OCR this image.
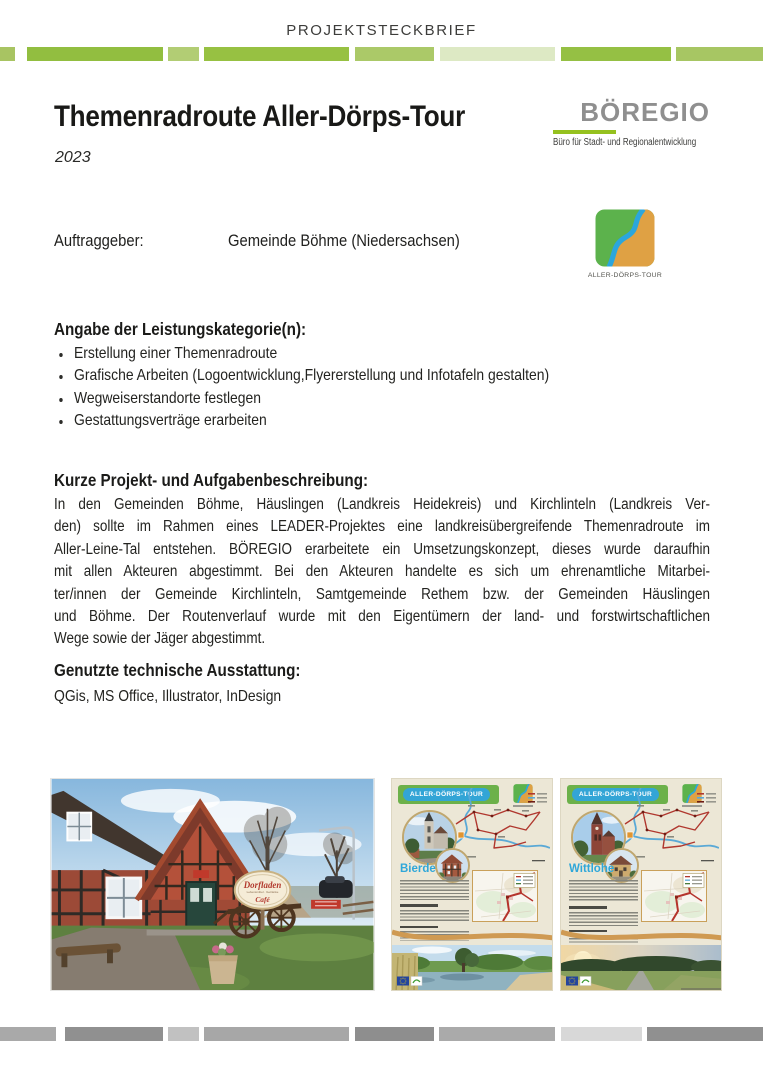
PROJEKTSTECKBRIEF
Themenradroute Aller-Dörps-Tour
2023
BÖREGIO
Büro für Stadt- und Regionalentwicklung
Auftraggeber:	Gemeinde Böhme (Niedersachsen)
ALLER-DÖRPS-TOUR
Angabe der Leistungskategorie(n):
Erstellung einer Themenradroute
Grafische Arbeiten (Logoentwicklung,Flyererstellung und Infotafeln gestalten)
Wegweiserstandorte festlegen
Gestattungsverträge erarbeiten
Kurze Projekt- und Aufgabenbeschreibung:
In den Gemeinden Böhme, Häuslingen (Landkreis Heidekreis) und Kirchlinteln (Landkreis Ver-
den) sollte im Rahmen eines LEADER-Projektes eine landkreisübergreifende Themenradroute im
Aller-Leine-Tal entstehen. BÖREGIO erarbeitete ein Umsetzungskonzept, dieses wurde daraufhin
mit allen Akteuren abgestimmt. Bei den Akteuren handelte es sich um ehrenamtliche Mitarbei-
ter/innen der Gemeinde Kirchlinteln, Samtgemeinde Rethem bzw. der Gemeinden Häuslingen
und Böhme. Der Routenverlauf wurde mit den Eigentümern der land- und forstwirtschaftlichen
Wege sowie der Jäger abgestimmt.
Genutzte technische Ausstattung:
QGis, MS Office, Illustrator, InDesign
Dorfladen
Lebensmittel · Getränke
Café
ALLER-DÖRPS-TOUR
Bierde
ALLER-DÖRPS-TOUR
Wittlohe
